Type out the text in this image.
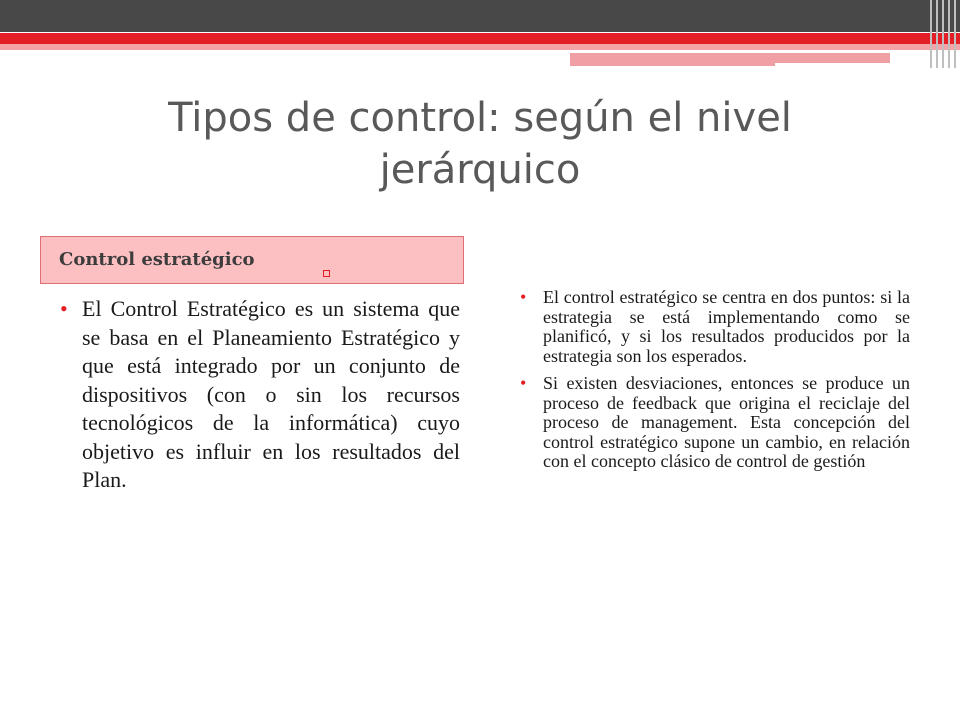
Tipos de control: según el nivel
jerárquico
Control estratégico
• El Control Estratégico es un sistema que se basa en el Planeamiento Estratégico y que está integrado por un conjunto de dispositivos (con o sin los recursos tecnológicos de la informática) cuyo objetivo es influir en los resultados del Plan.
• El control estratégico se centra en dos puntos: si la estrategia se está implementando como se planificó, y si los resultados producidos por la estrategia son los esperados.
• Si existen desviaciones, entonces se produce un proceso de feedback que origina el reciclaje del proceso de management. Esta concepción del control estratégico supone un cambio, en relación con el concepto clásico de control de gestión
